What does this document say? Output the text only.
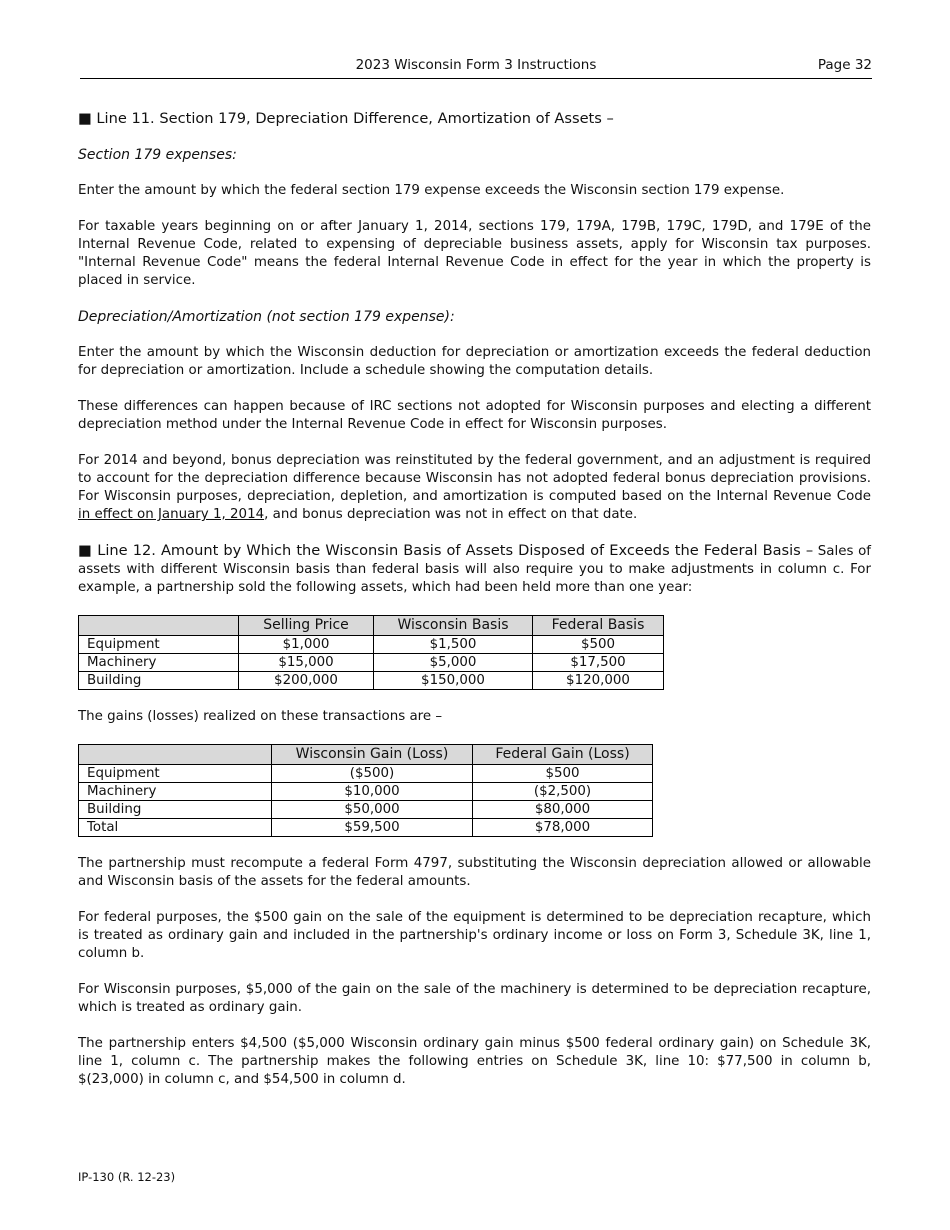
2023 Wisconsin Form 3 Instructions	Page 32

■ Line 11. Section 179, Depreciation Difference, Amortization of Assets –

Section 179 expenses:

Enter the amount by which the federal section 179 expense exceeds the Wisconsin section 179 expense.

For taxable years beginning on or after January 1, 2014, sections 179, 179A, 179B, 179C, 179D, and 179E of the Internal Revenue Code, related to expensing of depreciable business assets, apply for Wisconsin tax purposes. "Internal Revenue Code" means the federal Internal Revenue Code in effect for the year in which the property is placed in service.

Depreciation/Amortization (not section 179 expense):

Enter the amount by which the Wisconsin deduction for depreciation or amortization exceeds the federal deduction for depreciation or amortization. Include a schedule showing the computation details.

These differences can happen because of IRC sections not adopted for Wisconsin purposes and electing a different depreciation method under the Internal Revenue Code in effect for Wisconsin purposes.

For 2014 and beyond, bonus depreciation was reinstituted by the federal government, and an adjustment is required to account for the depreciation difference because Wisconsin has not adopted federal bonus depreciation provisions. For Wisconsin purposes, depreciation, depletion, and amortization is computed based on the Internal Revenue Code in effect on January 1, 2014, and bonus depreciation was not in effect on that date.

■ Line 12. Amount by Which the Wisconsin Basis of Assets Disposed of Exceeds the Federal Basis – Sales of assets with different Wisconsin basis than federal basis will also require you to make adjustments in column c. For example, a partnership sold the following assets, which had been held more than one year:

	Selling Price	Wisconsin Basis	Federal Basis
Equipment	$1,000	$1,500	$500
Machinery	$15,000	$5,000	$17,500
Building	$200,000	$150,000	$120,000

The gains (losses) realized on these transactions are –

	Wisconsin Gain (Loss)	Federal Gain (Loss)
Equipment	($500)	$500
Machinery	$10,000	($2,500)
Building	$50,000	$80,000
Total	$59,500	$78,000

The partnership must recompute a federal Form 4797, substituting the Wisconsin depreciation allowed or allowable and Wisconsin basis of the assets for the federal amounts.

For federal purposes, the $500 gain on the sale of the equipment is determined to be depreciation recapture, which is treated as ordinary gain and included in the partnership's ordinary income or loss on Form 3, Schedule 3K, line 1, column b.

For Wisconsin purposes, $5,000 of the gain on the sale of the machinery is determined to be depreciation recapture, which is treated as ordinary gain.

The partnership enters $4,500 ($5,000 Wisconsin ordinary gain minus $500 federal ordinary gain) on Schedule 3K, line 1, column c. The partnership makes the following entries on Schedule 3K, line 10: $77,500 in column b, $(23,000) in column c, and $54,500 in column d.

IP-130 (R. 12-23)
